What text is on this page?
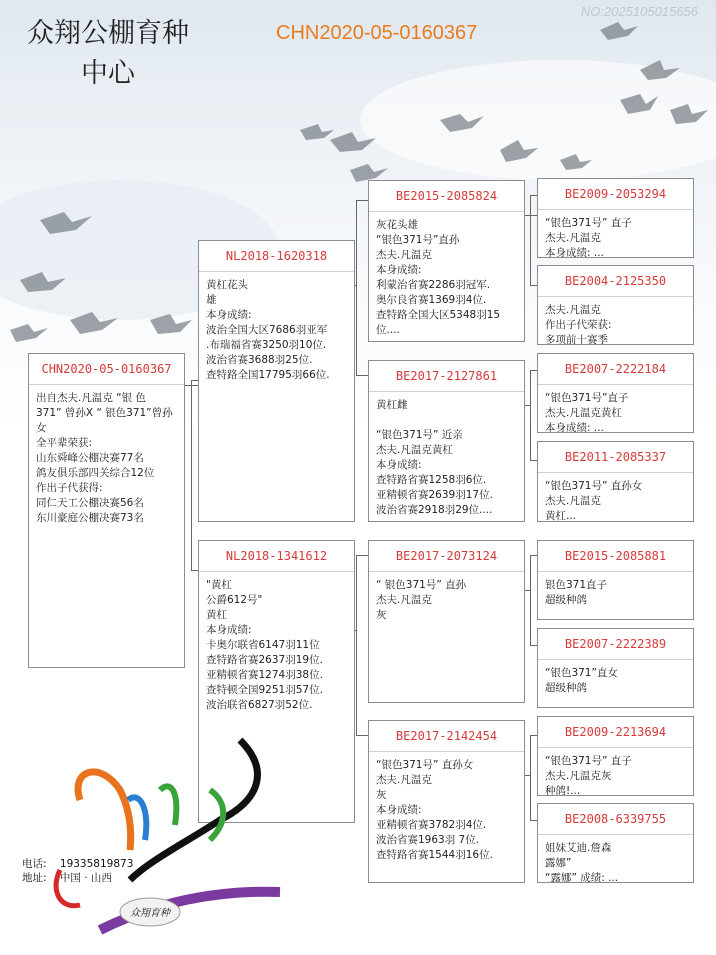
众翔公棚育种
中心
CHN2020-05-0160367
NO:2025105015656
CHN2020-05-0160367
出自杰夫.凡温克 “银 色
371” 曾孙X “ 银色371”曾孙
女
全平辈荣获:
山东舜峰公棚决赛77名
鸽友俱乐部四关综合12位
作出子代获得:
同仁天工公棚决赛56名
东川豪庭公棚决赛73名
NL2018-1620318
黄杠花头
雄
本身成绩:
波治全国大区7686羽亚军
.布瑞福省赛3250羽10位.
波治省赛3688羽25位.
查特路全国17795羽66位.
NL2018-1341612
"黄杠
公爵612号"
黄杠
本身成绩:
卡奥尔联省6147羽11位
查特路省赛2637羽19位.
亚精顿省赛1274羽38位.
查特顿全国9251羽57位.
波治联省6827羽52位.
BE2015-2085824
灰花头雄
“银色371号”直孙
杰夫.凡温克
本身成绩:
利蒙治省赛2286羽冠军.
奥尔良省赛1369羽4位.
查特路全国大区5348羽15
位....
BE2017-2127861
黄杠雌

“银色371号” 近亲
杰夫.凡温克黄杠
本身成绩:
查特路省赛1258羽6位.
亚精顿省赛2639羽17位.
波治省赛2918羽29位....
BE2017-2073124
“ 银色371号” 直孙
杰夫.凡温克
灰
BE2017-2142454
“银色371号” 直孙女
杰夫.凡温克
灰
本身成绩:
亚精顿省赛3782羽4位.
波治省赛1963羽 7位.
查特路省赛1544羽16位.
BE2009-2053294
“银色371号” 直子
杰夫.凡温克
本身成绩: ...
BE2004-2125350
杰夫.凡温克
作出子代荣获:
多项前十赛季
BE2007-2222184
“银色371号”直子
杰夫.凡温克黄杠
本身成绩: ...
BE2011-2085337
“银色371号” 直孙女
杰夫.凡温克
黄杠...
BE2015-2085881
银色371直子
超级种鸽
BE2007-2222389
“银色371”直女
超级种鸽
BE2009-2213694
“银色371号” 直子
杰夫.凡温克灰
种鸽!...
BE2008-6339755
姐妹艾迪.詹森
露娜”
“露娜” 成绩: ...
众翔育种
电话: 19335819873
地址: 中国 · 山西
